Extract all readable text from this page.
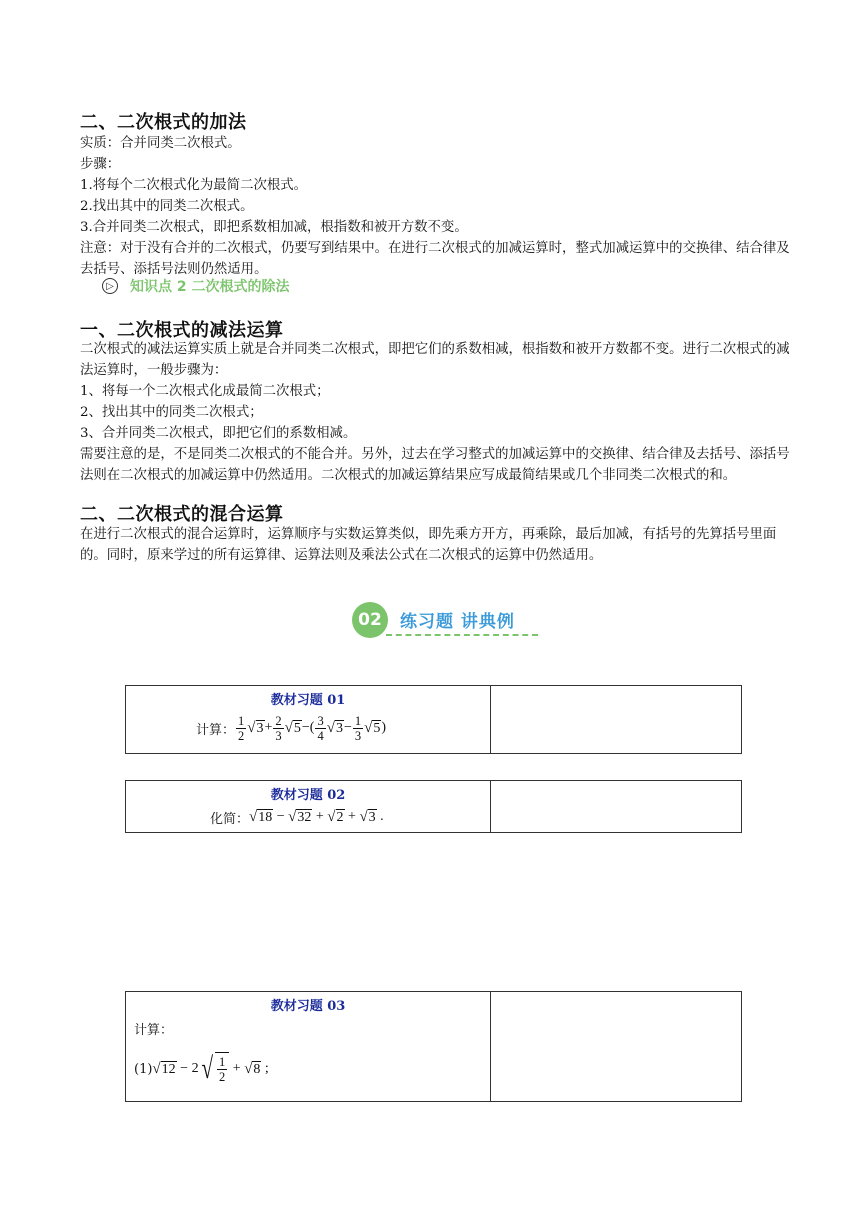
二、二次根式的加法
实质：合并同类二次根式。
步骤：
1.将每个二次根式化为最简二次根式。
2.找出其中的同类二次根式。
3.合并同类二次根式，即把系数相加减，根指数和被开方数不变。
注意：对于没有合并的二次根式，仍要写到结果中。在进行二次根式的加减运算时，整式加减运算中的交换律、结合律及去括号、添括号法则仍然适用。
▷ 知识点 2 二次根式的除法
一、二次根式的减法运算
二次根式的减法运算实质上就是合并同类二次根式，即把它们的系数相减，根指数和被开方数都不变。进行二次根式的减法运算时，一般步骤为：
1、将每一个二次根式化成最简二次根式；
2、找出其中的同类二次根式；
3、合并同类二次根式，即把它们的系数相减。
需要注意的是，不是同类二次根式的不能合并。另外，过去在学习整式的加减运算中的交换律、结合律及去括号、添括号法则在二次根式的加减运算中仍然适用。二次根式的加减运算结果应写成最简结果或几个非同类二次根式的和。
二、二次根式的混合运算
在进行二次根式的混合运算时，运算顺序与实数运算类似，即先乘方开方，再乘除，最后加减，有括号的先算括号里面的。同时，原来学过的所有运算律、运算法则及乘法公式在二次根式的运算中仍然适用。
02	练习题 讲典例
教材习题 01
计算： $\frac{1}{2}$ √ $3 + \frac{2}{3}$ √ 5 −( $\frac{3}{4}$ √ $3 - \frac{1}{3}$ √ 5 )
教材习题 02
化简： √ 18 − √ 32 + √ 2 + √ 3 .
教材习题 03
计算：
(1) √ 12 − 2 √ $\frac{1}{2}$ + √ 8 ;
